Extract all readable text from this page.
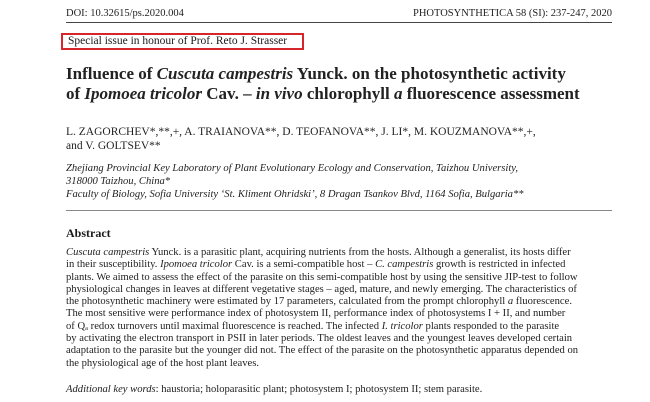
DOI: 10.32615/ps.2020.004	PHOTOSYNTHETICA 58 (SI): 237-247, 2020
Special issue in honour of Prof. Reto J. Strasser
Influence of Cuscuta campestris Yunck. on the photosynthetic activity
of Ipomoea tricolor Cav. – in vivo chlorophyll a fluorescence assessment
L. ZAGORCHEV*,**,+, A. TRAIANOVA**, D. TEOFANOVA**, J. LI*, M. KOUZMANOVA**,+,
and V. GOLTSEV**
Zhejiang Provincial Key Laboratory of Plant Evolutionary Ecology and Conservation, Taizhou University,
318000 Taizhou, China*
Faculty of Biology, Sofia University ‘St. Kliment Ohridski’, 8 Dragan Tsankov Blvd, 1164 Sofia, Bulgaria**
Abstract
Cuscuta campestris Yunck. is a parasitic plant, acquiring nutrients from the hosts. Although a generalist, its hosts differ
in their susceptibility. Ipomoea tricolor Cav. is a semi-compatible host – C. campestris growth is restricted in infected
plants. We aimed to assess the effect of the parasite on this semi-compatible host by using the sensitive JIP-test to follow
physiological changes in leaves at different vegetative stages – aged, mature, and newly emerging. The characteristics of
the photosynthetic machinery were estimated by 17 parameters, calculated from the prompt chlorophyll a fluorescence.
The most sensitive were performance index of photosystem II, performance index of photosystems I + II, and number
of Qₐ redox turnovers until maximal fluorescence is reached. The infected I. tricolor plants responded to the parasite
by activating the electron transport in PSII in later periods. The oldest leaves and the youngest leaves developed certain
adaptation to the parasite but the younger did not. The effect of the parasite on the photosynthetic apparatus depended on
the physiological age of the host plant leaves.
Additional key words: haustoria; holoparasitic plant; photosystem I; photosystem II; stem parasite.
